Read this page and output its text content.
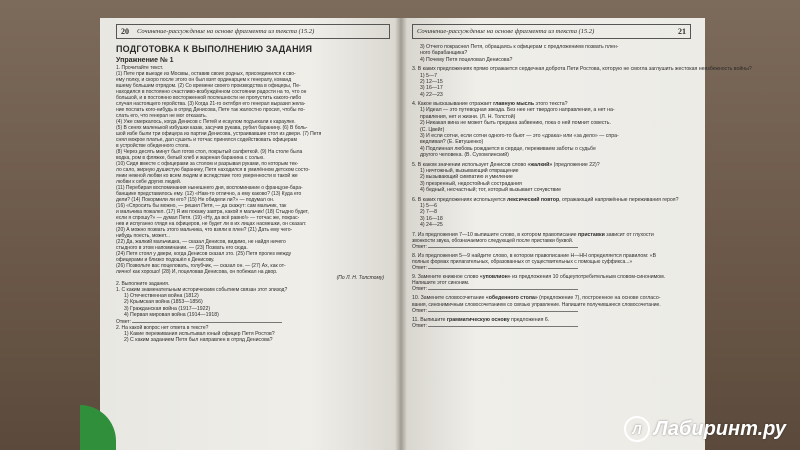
20	Сочинение-рассуждение на основе фрагмента из текста (15.2)
ПОДГОТОВКА К ВЫПОЛНЕНИЮ ЗАДАНИЯ
Упражнение № 1
1. Прочитайте текст.
(1) Пете при выезде из Москвы, оставив своих родных, присоединился к сво-
ему полку, и скоро после этого он был взят ординарцем к генералу, команд
вшему большим отрядом. (2) Со времени своего производства в офицеры, Пе-
находился в постоянно счастливо-возбуждённом состоянии радости на то, что он
большой, и в постоянно восторженной поспешности не пропустить какого-либо
случая настоящего геройства. (3) Когда 21-го октября его генерал выразил жела-
ние послать кого-нибудь в отряд Денисова, Пете так жалостно просил, чтобы по-
слать его, что генерал не мог отказать.
(4) Уже смеркалось, когда Денисов с Петей и есаулом подъехали к караулке.
(5) В сенях маленькой избушки казак, засучив рукава, рубил баранину. (6) В боль-
шой избе были три офицера из партии Денисова, устраивавшие стол из двери. (7) Петя
снял мокрое платье, дал сушить и тотчас принялся содействовать офицерам
в устройстве обеденного стола.
(8) Через десять минут был готов стол, покрытый салфеткой. (9) На столе была
водка, ром в фляжке, белый хлеб и жареная баранина с солью.
(10) Сидя вместе с офицерами за столом и разрывая руками, по которым тек-
ло сало, жирную душистую баранину, Петя находился в умилённом детском состо-
янии нежной любви ко всем людям и вследствие того уверенности в такой же
любви к себе других людей.
(11) Перебирая воспоминания нынешнего дня, воспоминание о французе-бара-
банщике представилось ему. (12) «Нам-то отлично, а ему каково? (13) Куда его
дели? (14) Покормили ли его? (15) Не обидели ли?» — подумал он.
(16) «Спросить бы можно, — решил Петя, — да скажут: сам мальчик, так
и мальчика пожалел. (17) Я им покажу завтра, какой я мальчик! (18) Стыдно будет,
если я спрошу?» — думал Петя. (19) «Ну, да всё равно!» — тотчас же, покрас-
нев и испуганно глядя на офицеров, не будет ли в их лицах насмешки, он сказал:
(20) А можно позвать этого мальчика, что взяли в плен? (21) Дать ему чего-
нибудь поесть, может...
(22) Да, жалкий мальчишка, — сказал Денисов, видимо, не найдя ничего
стыдного в этом напоминании. — (23) Позвать его сюда.
(24) Петя стоял у двери, когда Денисов сказал это. (25) Петя пролез между
офицерами и близко подошёл к Денисову.
(26) Позвольте вас поцеловать, голубчик, — сказал он. — (27) Ах, как от-
лично! как хорошо! (28) И, поцеловав Денисова, он побежал на двор.
(По Л. Н. Толстому)
2. Выполните задания.
1. С каким знаменательным историческим событием связан этот эпизод?
1) Отечественная война (1812)
2) Крымская война (1853—1856)
3) Гражданская война (1917—1922)
4) Первая мировая война (1914—1918)
Ответ:
2. На какой вопрос нет ответа в тексте?
1) Какие переживания испытывал юный офицер Петя Ростов?
2) С каким заданием Петя был направлен в отряд Денисова?
Сочинение-рассуждение на основе фрагмента из текста (15.2)	21
3) Отчего покраснел Петя, обращаясь к офицерам с предложением позвать плен-
ного барабанщика?
4) Почему Петя поцеловал Денисова?
3. В каких предложениях прямо отражается сердечная доброта Пети Ростова, которую не смогла заглушить жестокая неизбежность войны?
1) 5—7
2) 12—15
3) 16—17
4) 22—23
4. Какое высказывание отражает главную мысль этого текста?
1) Идеал — это путеводная звезда. Без нее нет твердого направления, а нет на-
правления, нет и жизни. (Л. Н. Толстой)
2) Никакая вина не может быть предана забвению, пока о ней помнит совесть.
(С. Цвейг)
3) И если сотни, если сотни одного-то бьют — это «драка» или «за дело» — спра-
ведливая? (Е. Евтушенко)
4) Подлинная любовь рождается в сердце, переживаем заботы о судьбе
другого человека. (В. Сухомлинский)
5. В каком значении использует Денисов слово «жалкий» (предложение 22)?
1) ничтожный, вызывающий отвращение
2) вызывающий симпатию и умиление
3) презренный, недостойный сострадания
4) бедный, несчастный; тот, который вызывает сочувствие
6. В каких предложениях используется лексический повтор, отражающий напряжённые переживания героя?
1) 5—6
2) 7—8
3) 16—18
4) 24—25
7. Из предложения 7—10 выпишите слово, в котором правописание приставки зависит от глухости
звонкости звука, обозначаемого следующей после приставки буквой.
Ответ:
8. Из предложения 5—9 найдите слово, в котором правописание Н—НН определяется правилом: «В
полных формах прилагательных, образованных от существительных с помощью суффикса...»
Ответ:
9. Замените книжное слово «уповлион» из предложения 10 общеупотребительным словом-синонимом.
Напишите этот синоним.
Ответ:
10. Замените словосочетание «обеденного стола» (предложение 7), построенное на основе согласо-
вания, синонимичным словосочетанием со связью управление. Напишите получившееся словосочетание.
Ответ:
11. Выпишите грамматическую основу предложения 6.
Ответ:
Л Лабиринт.ру
